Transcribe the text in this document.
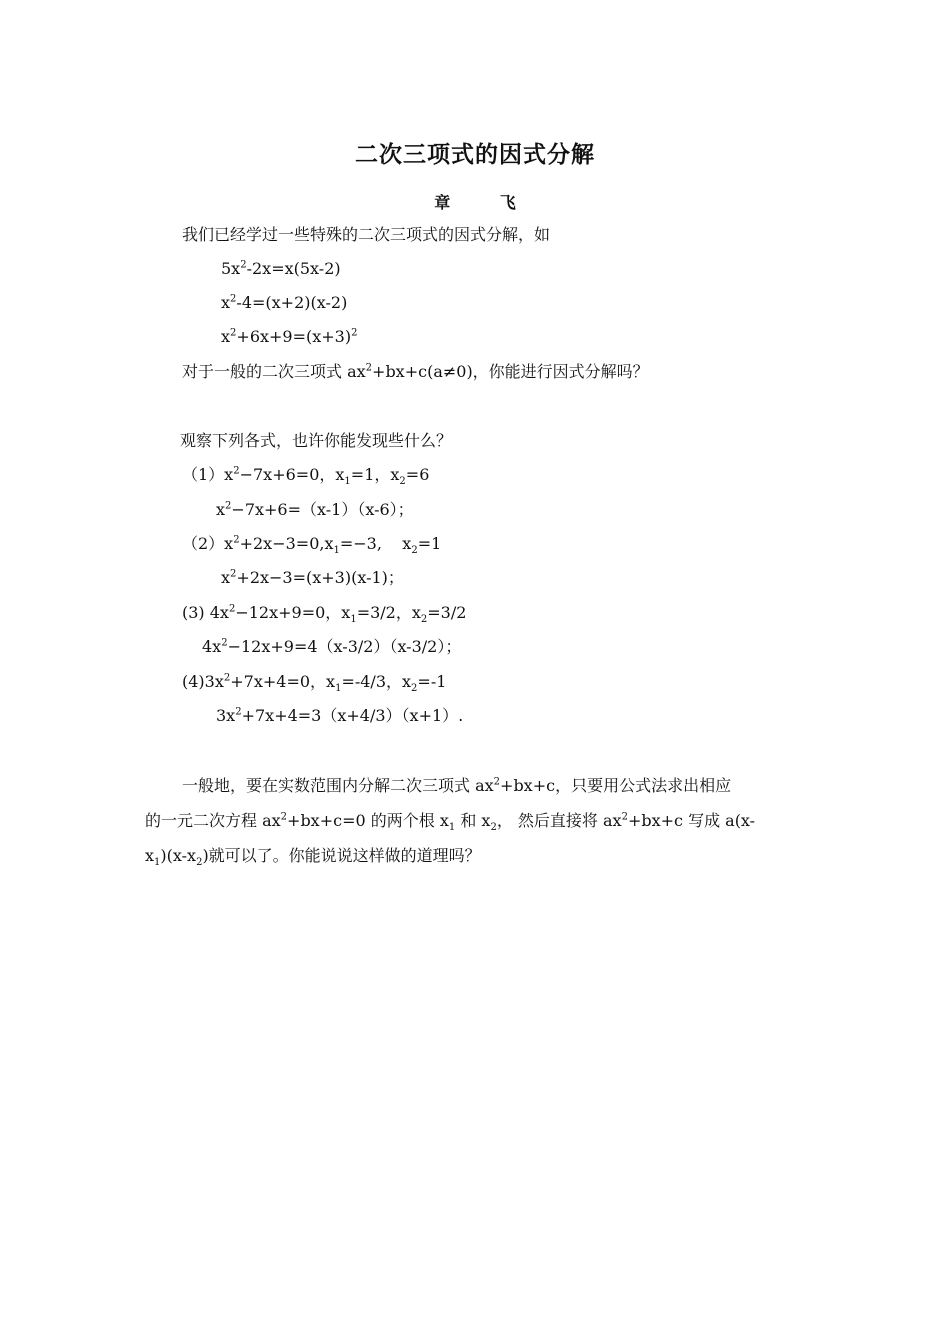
二次三项式的因式分解
章 飞
我们已经学过一些特殊的二次三项式的因式分解，如
$5x^2-2x=x(5x-2)$
$x^2-4=(x+2)(x-2)$
$x^2+6x+9=(x+3)^2$
对于一般的二次三项式 $ax^2+bx+c(a\ne 0)$，你能进行因式分解吗？
观察下列各式，也许你能发现些什么？
$(1)x^2-7x+6=0$，$x_1=1$，$x_2=6$
$x^2-7x+6=(x-1)(x-6)$；
$(2)x^2+2x-3=0,x_1=-3$,    $x_2=1$
$x^2+2x-3=(x+3)(x-1)$；
(3) $4x^2-12x+9=0$，$x_1=3/2$，$x_2=3/2$
$4x^2-12x+9=4(x-3/2)(x-3/2)$；
$(4)3x^2+7x+4=0$，$x_1=-4/3$，$x_2=-1$
$3x^2+7x+4=3(x+4/3)(x+1)$.
一般地，要在实数范围内分解二次三项式 $ax^2+bx+c$，只要用公式法求出相应
的一元二次方程 $ax^2+bx+c=0$ 的两个根 $x_1$ 和 $x_2$， 然后直接将 $ax^2+bx+c$ 写成 a(x-
$x_1)(x-x_2)$就可以了。你能说说这样做的道理吗？
